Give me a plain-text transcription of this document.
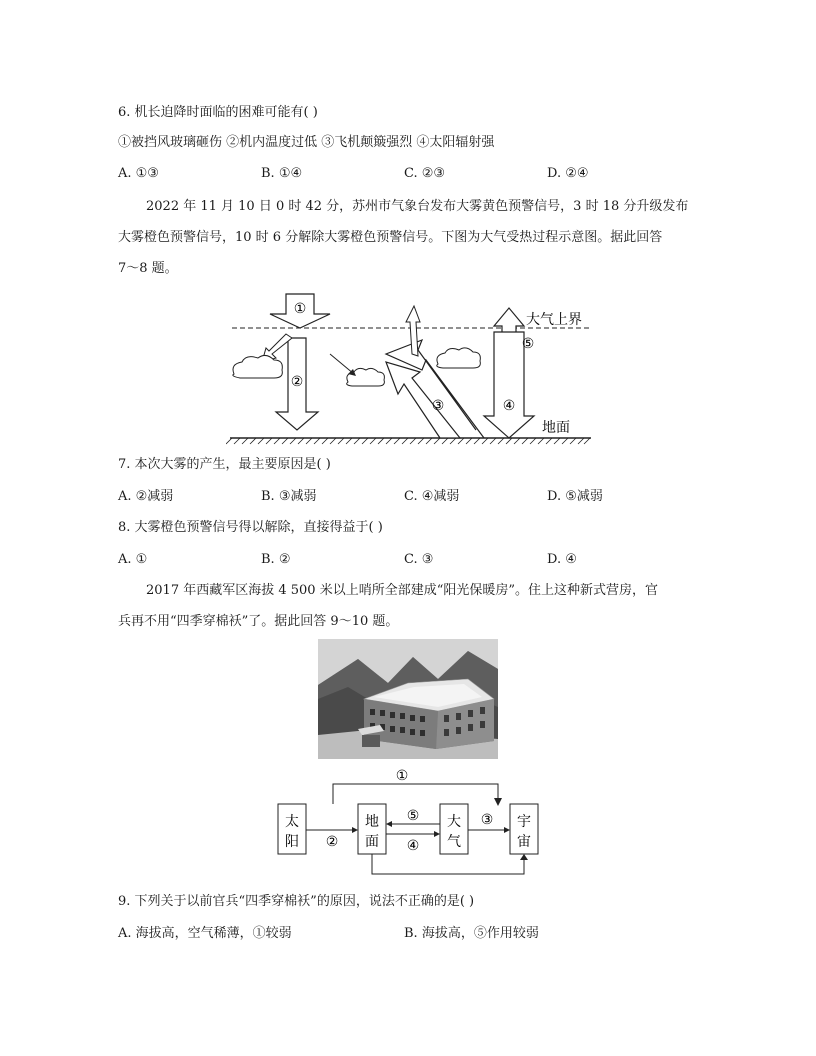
6. 机长迫降时面临的困难可能有( )
①被挡风玻璃砸伤 ②机内温度过低 ③飞机颠簸强烈 ④太阳辐射强
A. ①③	B. ①④	C. ②③	D. ②④
2022 年 11 月 10 日 0 时 42 分，苏州市气象台发布大雾黄色预警信号，3 时 18 分升级发布
大雾橙色预警信号，10 时 6 分解除大雾橙色预警信号。下图为大气受热过程示意图。据此回答
7～8 题。
①
②
③	④
⑤
大气上界
地面
7. 本次大雾的产生，最主要原因是( )
A. ②减弱	B. ③减弱	C. ④减弱	D. ⑤减弱
8. 大雾橙色预警信号得以解除，直接得益于( )
A. ①	B. ②	C. ③	D. ④
2017 年西藏军区海拔 4 500 米以上哨所全部建成“阳光保暖房”。住上这种新式营房，官
兵再不用“四季穿棉袄”了。据此回答 9～10 题。
①
太
阳
地
面
大
气
宇
宙
②
⑤
④
③
9. 下列关于以前官兵“四季穿棉袄”的原因，说法不正确的是( )
A. 海拔高，空气稀薄，①较弱	B. 海拔高，⑤作用较弱
